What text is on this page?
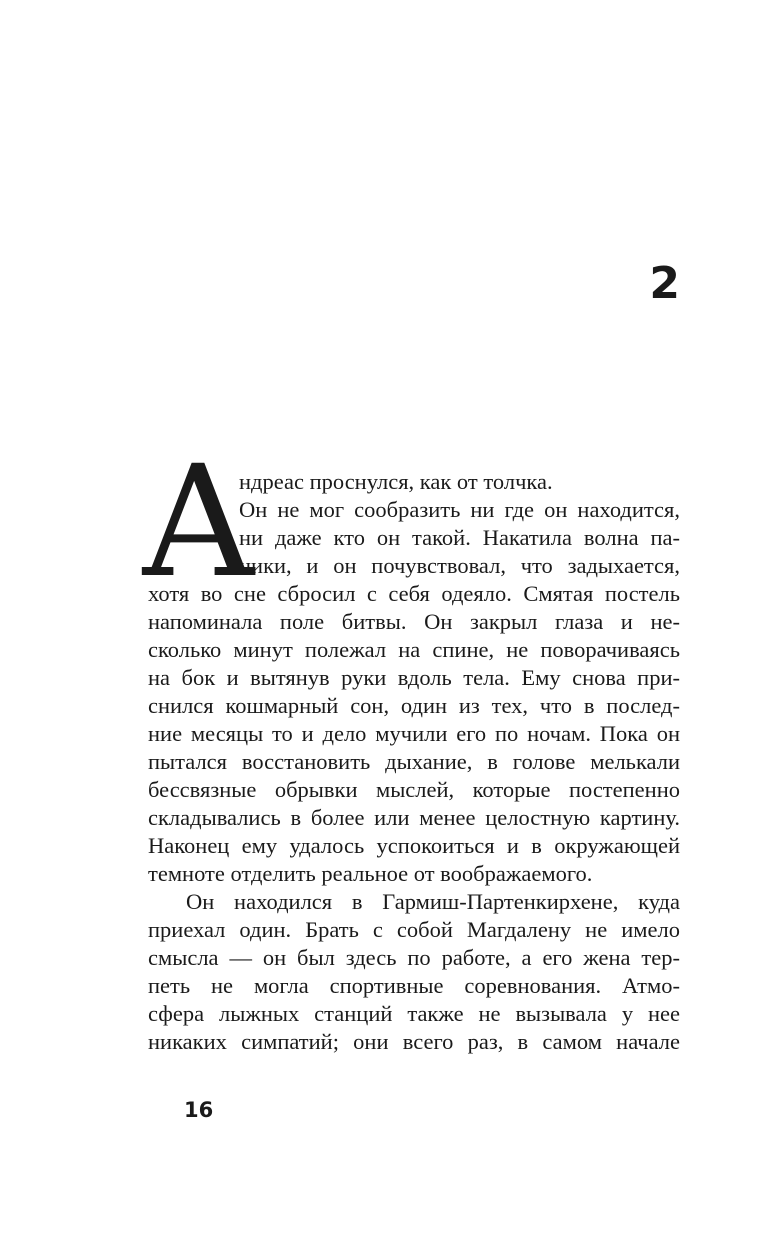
2
А
ндреас проснулся, как от толчка.
Он не мог сообразить ни где он находится,
ни даже кто он такой. Накатила волна па-
ники, и он почувствовал, что задыхается,
хотя во сне сбросил с себя одеяло. Смятая постель
напоминала поле битвы. Он закрыл глаза и не-
сколько минут полежал на спине, не поворачиваясь
на бок и вытянув руки вдоль тела. Ему снова при-
снился кошмарный сон, один из тех, что в послед-
ние месяцы то и дело мучили его по ночам. Пока он
пытался восстановить дыхание, в голове мелькали
бессвязные обрывки мыслей, которые постепенно
складывались в более или менее целостную картину.
Наконец ему удалось успокоиться и в окружающей
темноте отделить реальное от воображаемого.
Он находился в Гармиш-Партенкирхене, куда
приехал один. Брать с собой Магдалену не имело
смысла — он был здесь по работе, а его жена тер-
петь не могла спортивные соревнования. Атмо-
сфера лыжных станций также не вызывала у нее
никаких симпатий; они всего раз, в самом начале
16
